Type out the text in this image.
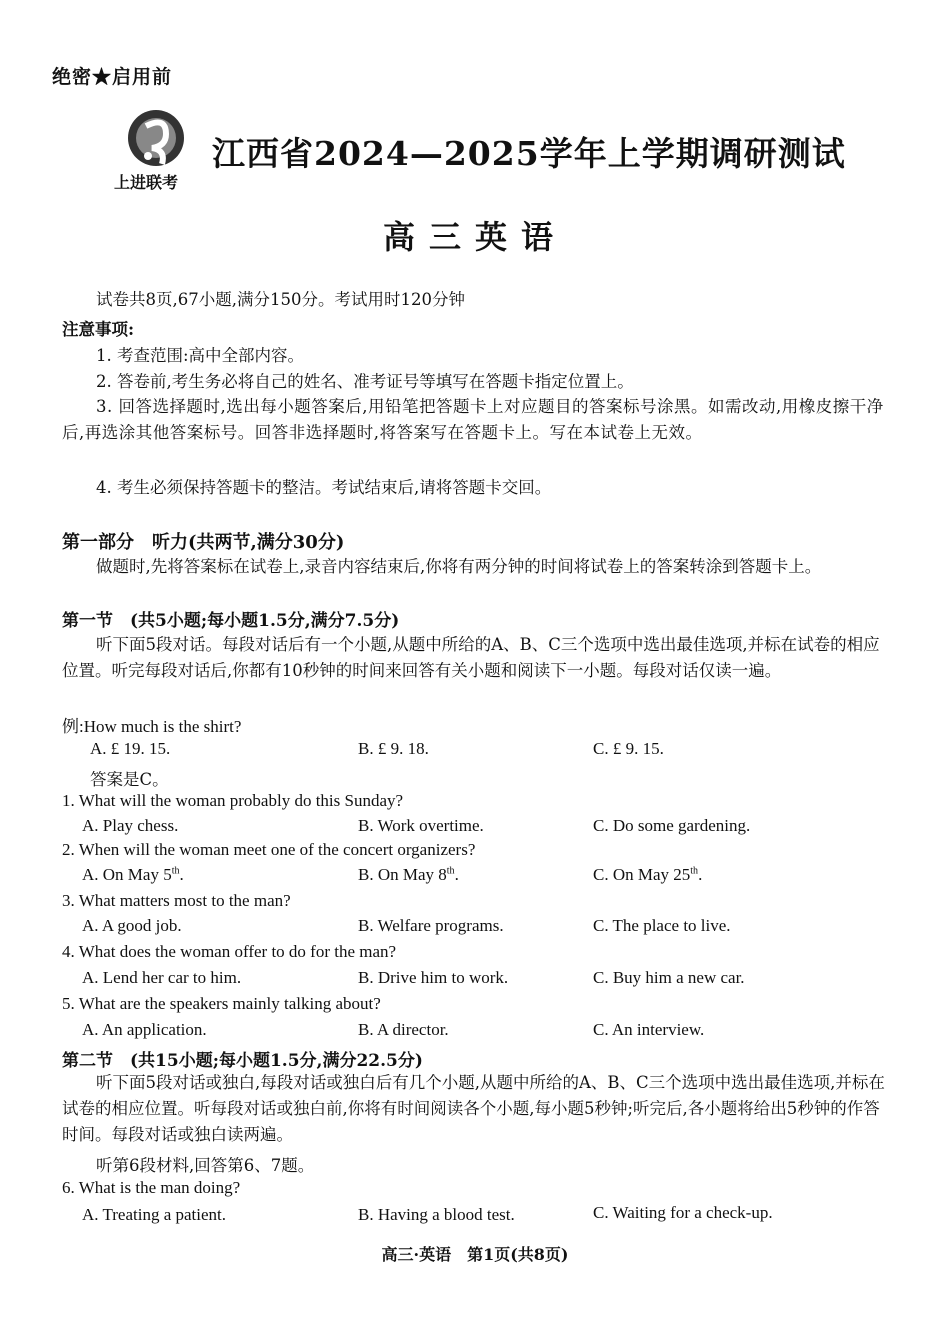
绝密★启用前
上进联考
江西省2024—2025学年上学期调研测试
高三英语
试卷共8页,67小题,满分150分。考试用时120分钟
注意事项:
1. 考查范围:高中全部内容。
2. 答卷前,考生务必将自己的姓名、准考证号等填写在答题卡指定位置上。
3. 回答选择题时,选出每小题答案后,用铅笔把答题卡上对应题目的答案标号涂黑。如需改动,用橡皮擦干净后,再选涂其他答案标号。回答非选择题时,将答案写在答题卡上。写在本试卷上无效。
4. 考生必须保持答题卡的整洁。考试结束后,请将答题卡交回。
第一部分　听力(共两节,满分30分)
做题时,先将答案标在试卷上,录音内容结束后,你将有两分钟的时间将试卷上的答案转涂到答题卡上。
第一节　(共5小题;每小题1.5分,满分7.5分)
听下面5段对话。每段对话后有一个小题,从题中所给的A、B、C三个选项中选出最佳选项,并标在试卷的相应位置。听完每段对话后,你都有10秒钟的时间来回答有关小题和阅读下一小题。每段对话仅读一遍。
例:How much is the shirt?
A. £ 19. 15.	B. £ 9. 18.	C. £ 9. 15.
答案是C。
1. What will the woman probably do this Sunday?
A. Play chess.	B. Work overtime.	C. Do some gardening.
2. When will the woman meet one of the concert organizers?
A. On May 5th.	B. On May 8th.	C. On May 25th.
3. What matters most to the man?
A. A good job.	B. Welfare programs.	C. The place to live.
4. What does the woman offer to do for the man?
A. Lend her car to him.	B. Drive him to work.	C. Buy him a new car.
5. What are the speakers mainly talking about?
A. An application.	B. A director.	C. An interview.
第二节　(共15小题;每小题1.5分,满分22.5分)
听下面5段对话或独白,每段对话或独白后有几个小题,从题中所给的A、B、C三个选项中选出最佳选项,并标在试卷的相应位置。听每段对话或独白前,你将有时间阅读各个小题,每小题5秒钟;听完后,各小题将给出5秒钟的作答时间。每段对话或独白读两遍。
听第6段材料,回答第6、7题。
6. What is the man doing?
A. Treating a patient.	B. Having a blood test.	C. Waiting for a check-up.
高三·英语　第1页(共8页)
